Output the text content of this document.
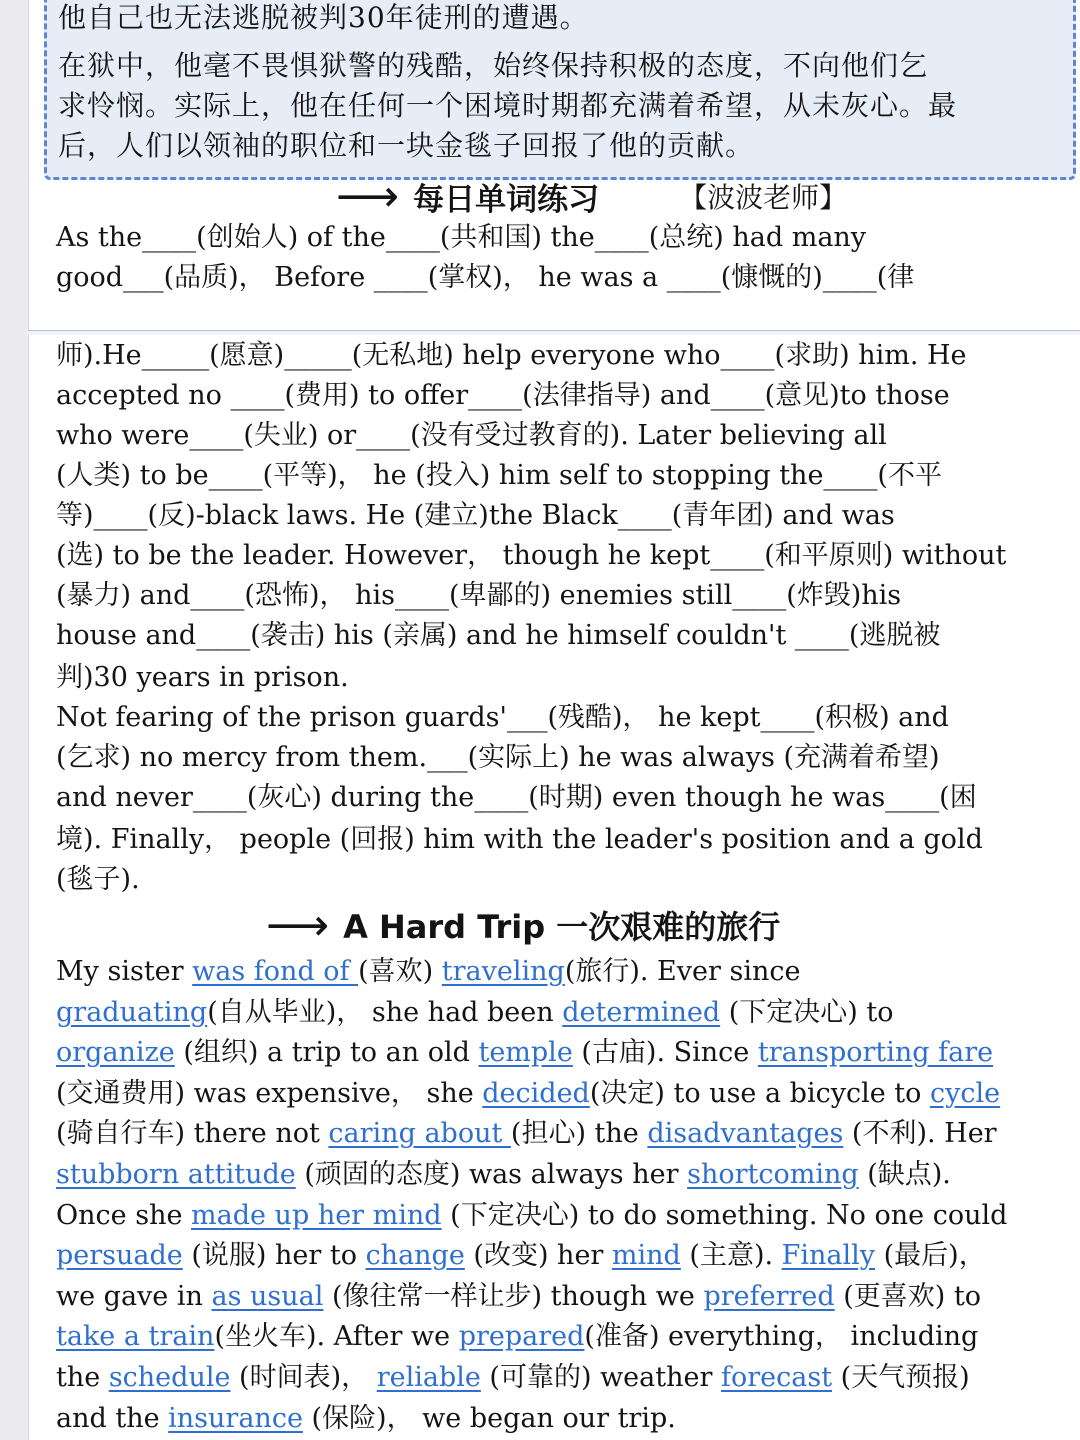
他自己也无法逃脱被判30年徒刑的遭遇。
在狱中，他毫不畏惧狱警的残酷，始终保持积极的态度，不向他们乞
求怜悯。实际上，他在任何一个困境时期都充满着希望，从未灰心。最
后，人们以领袖的职位和一块金毯子回报了他的贡献。
⟶ 每日单词练习	【波波老师】
As the____(创始人) of the____(共和国) the____(总统) had many
good___(品质)， Before ____(掌权)， he was a ____(慷慨的)____(律
师).He_____(愿意)_____(无私地) help everyone who____(求助) him. He
accepted no ____(费用) to offer____(法律指导) and____(意见)to those
who were____(失业) or____(没有受过教育的). Later believing all
(人类) to be____(平等)， he (投入) him self to stopping the____(不平
等)____(反)-black laws. He (建立)the Black____(青年团) and was
(选) to be the leader. However， though he kept____(和平原则) without
(暴力) and____(恐怖)， his____(卑鄙的) enemies still____(炸毁)his
house and____(袭击) his (亲属) and he himself couldn't ____(逃脱被
判)30 years in prison.
Not fearing of the prison guards'___(残酷)， he kept____(积极) and
(乞求) no mercy from them.___(实际上) he was always (充满着希望)
and never____(灰心) during the____(时期) even though he was____(困
境). Finally， people (回报) him with the leader's position and a gold
(毯子).
⟶ A Hard Trip 一次艰难的旅行
My sister was fond of (喜欢) traveling(旅行). Ever since
graduating(自从毕业)， she had been determined (下定决心) to
organize (组织) a trip to an old temple (古庙). Since transporting fare
(交通费用) was expensive， she decided(决定) to use a bicycle to cycle
(骑自行车) there not caring about (担心) the disadvantages (不利). Her
stubborn attitude (顽固的态度) was always her shortcoming (缺点).
Once she made up her mind (下定决心) to do something. No one could
persuade (说服) her to change (改变) her mind (主意). Finally (最后)，
we gave in as usual (像往常一样让步) though we preferred (更喜欢) to
take a train(坐火车). After we prepared(准备) everything， including
the schedule (时间表)， reliable (可靠的) weather forecast (天气预报)
and the insurance (保险)， we began our trip.
